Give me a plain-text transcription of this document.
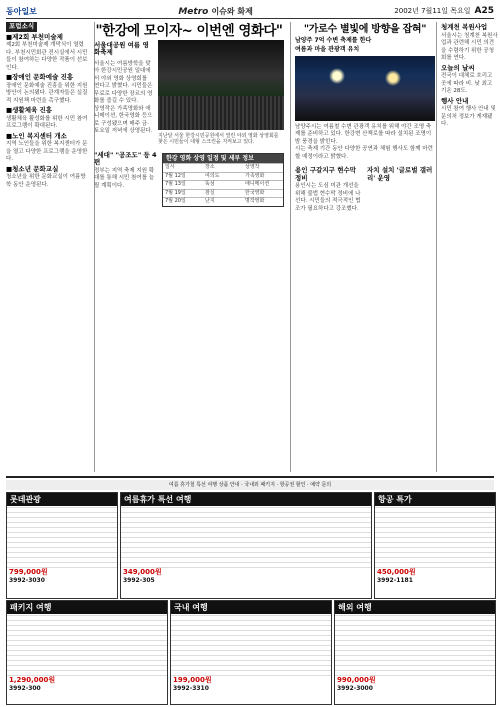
동아일보	Metro 이슈와 화제	2002년 7월11일 목요일 A25
포럼소식
■제2회 부천미술제

제2회 부천미술제 개막식이 열렸다. 부천시민회관 전시실에서 시민들이 참여하는 다양한 작품이 선보인다.

■장애인 문화예술 진흥

장애인 문화예술 진흥을 위한 지원 방안이 논의됐다. 관계자들은 실질적 지원책 마련을 촉구했다.

■생활체육 진흥

생활체육 활성화를 위한 시민 참여 프로그램이 확대된다.

■노인 복지센터 개소

지역 노인들을 위한 복지센터가 문을 열고 다양한 프로그램을 운영한다.

■청소년 문화교실

청소년을 위한 문화교실이 여름방학 동안 운영된다.

"한강에 모이자~ 이번엔 영화다"
서울대공원 여름 영화축제

서울시는 여름방학을 맞아 한강시민공원 일대에서 야외 영화 상영회를 연다고 밝혔다. 시민들은 무료로 다양한 장르의 영화를 즐길 수 있다.

상영작은 가족영화와 애니메이션, 한국영화 등으로 구성됐으며 매주 금·토요일 저녁에 상영된다.

지난달 서울 한강시민공원에서 열린 야외 영화 상영회를 찾은 시민들이 대형 스크린을 지켜보고 있다.
"세대" "공조도" 등 4편

정부는 지역 축제 지원 확대를 통해 시민 참여를 늘릴 계획이다.

한강 영화 상영 일정 및 세부 정보
일시	장소	상영작
7월 12일	여의도	가족영화
7월 13일	뚝섬	애니메이션
7월 19일	잠실	한국영화
7월 20일	난지	명작영화
"가로수 별빛에 방향을 잡혀"
남양주 7억 수변 축제를 한다
여름과 마을 관광객 유치

남양주시는 여름철 수변 관광객 유치를 위해 야간 조명 축제를 준비하고 있다. 한강변 산책로를 따라 설치된 조명이 밤 풍경을 밝힌다.

시는 축제 기간 동안 다양한 공연과 체험 행사도 함께 마련할 예정이라고 밝혔다.

용인 구갈지구 현수막 정비

용인시는 도심 미관 개선을 위해 불법 현수막 정비에 나선다. 시민들의 적극적인 협조가 필요하다고 강조했다.

자치 설치 '글로벌 갤러리' 운영
청계천 복원사업

서울시는 청계천 복원사업과 관련해 시민 의견을 수렴하기 위한 공청회를 연다.

오늘의 날씨

전국이 대체로 흐리고 곳에 따라 비. 낮 최고 기온 28도.

행사 안내

시민 참여 행사 안내 및 문의처 정보가 게재됐다.

여름 휴가철 특선 여행 상품 안내 · 국내외 패키지 · 항공권 할인 · 예약 문의
롯데관광
799,000원
3992-3030
여름휴가 특선 여행
349,000원
3992-305
항공 특가
450,000원
3992-1181
패키지 여행
1,290,000원
3992-300
국내 여행
199,000원
3992-3310
해외 여행
990,000원
3992-3000
